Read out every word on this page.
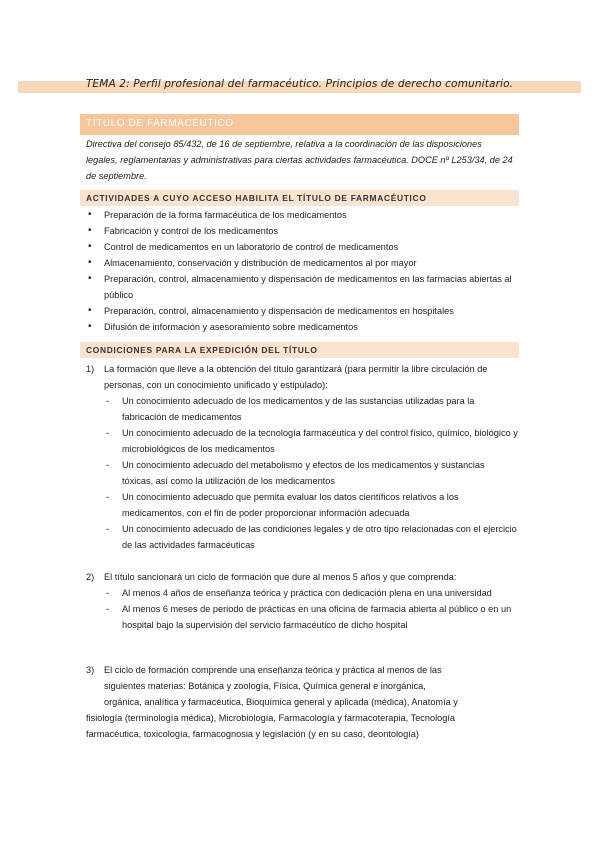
TEMA 2: Perfil profesional del farmacéutico. Principios de derecho comunitario.
TÍTULO DE FARMACÉUTICO
Directiva del consejo 85/432, de 16 de septiembre, relativa a la coordinación de las disposiciones legales, reglamentarias y administrativas para ciertas actividades farmacéutica. DOCE nº L253/34, de 24 de septiembre.
ACTIVIDADES A CUYO ACCESO HABILITA EL TÍTULO DE FARMACÉUTICO
• Preparación de la forma farmacéutica de los medicamentos
• Fabricación y control de los medicamentos
• Control de medicamentos en un laboratorio de control de medicamentos
• Almacenamiento, conservación y distribución de medicamentos al por mayor
• Preparación, control, almacenamiento y dispensación de medicamentos en las farmacias abiertas al público
• Preparación, control, almacenamiento y dispensación de medicamentos en hospitales
• Difusión de información y asesoramiento sobre medicamentos
CONDICIONES PARA LA EXPEDICIÓN DEL TÍTULO
1) La formación que lleve a la obtención del título garantizará (para permitir la libre circulación de personas, con un conocimiento unificado y estipulado):
- Un conocimiento adecuado de los medicamentos y de las sustancias utilizadas para la fabricación de medicamentos
- Un conocimiento adecuado de la tecnología farmacéutica y del control físico, químico, biológico y microbiológicos de los medicamentos
- Un conocimiento adecuado del metabolismo y efectos de los medicamentos y sustancias tóxicas, así como la utilización de los medicamentos
- Un conocimiento adecuado que permita evaluar los datos científicos relativos a los medicamentos, con el fin de poder proporcionar información adecuada
- Un conocimiento adecuado de las condiciones legales y de otro tipo relacionadas con el ejercicio de las actividades farmacéuticas
2) El título sancionará un ciclo de formación que dure al menos 5 años y que comprenda:
- Al menos 4 años de enseñanza teórica y práctica con dedicación plena en una universidad
- Al menos 6 meses de periodo de prácticas en una oficina de farmacia abierta al público o en un hospital bajo la supervisión del servicio farmacéutico de dicho hospital
3) El ciclo de formación comprende una enseñanza teórica y práctica al menos de las
siguientes materias: Botánica y zoología, Física, Química general e inorgánica,
orgánica, analítica y farmacéutica, Bioquímica general y aplicada (médica), Anatomía y
fisiología (terminología médica), Microbiología, Farmacología y farmacoterapia, Tecnología
farmacéutica, toxicología, farmacognosia y legislación (y en su caso, deontología)
